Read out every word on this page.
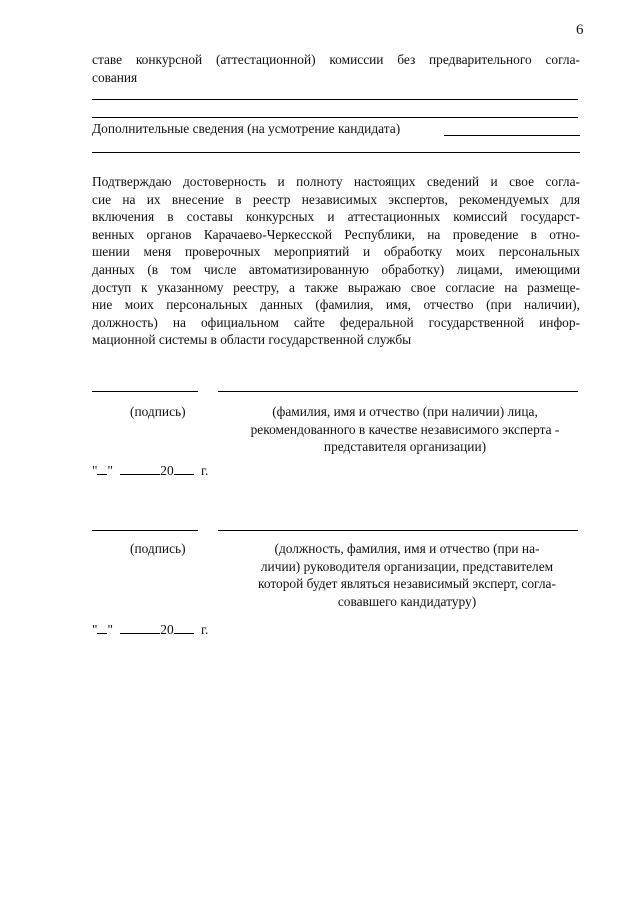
6
ставе конкурсной (аттестационной) комиссии без предварительного согла-
сования
Дополнительные сведения (на усмотрение кандидата)
Подтверждаю достоверность и полноту настоящих сведений и свое согла-
сие на их внесение в реестр независимых экспертов, рекомендуемых для
включения в составы конкурсных и аттестационных комиссий государст-
венных органов Карачаево-Черкесской Республики, на проведение в отно-
шении меня проверочных мероприятий и обработку моих персональных
данных (в том числе автоматизированную обработку) лицами, имеющими
доступ к указанному реестру, а также выражаю свое согласие на размеще-
ние моих персональных данных (фамилия, имя, отчество (при наличии),
должность) на официальном сайте федеральной государственной инфор-
мационной системы в области государственной службы
(подпись)	(фамилия, имя и отчество (при наличии) лица,
рекомендованного в качестве независимого эксперта -
представителя организации)
" "	20 г.
(подпись)	(должность, фамилия, имя и отчество (при на-
личии) руководителя организации, представителем
которой будет являться независимый эксперт, согла-
совавшего кандидатуру)
" "	20 г.
